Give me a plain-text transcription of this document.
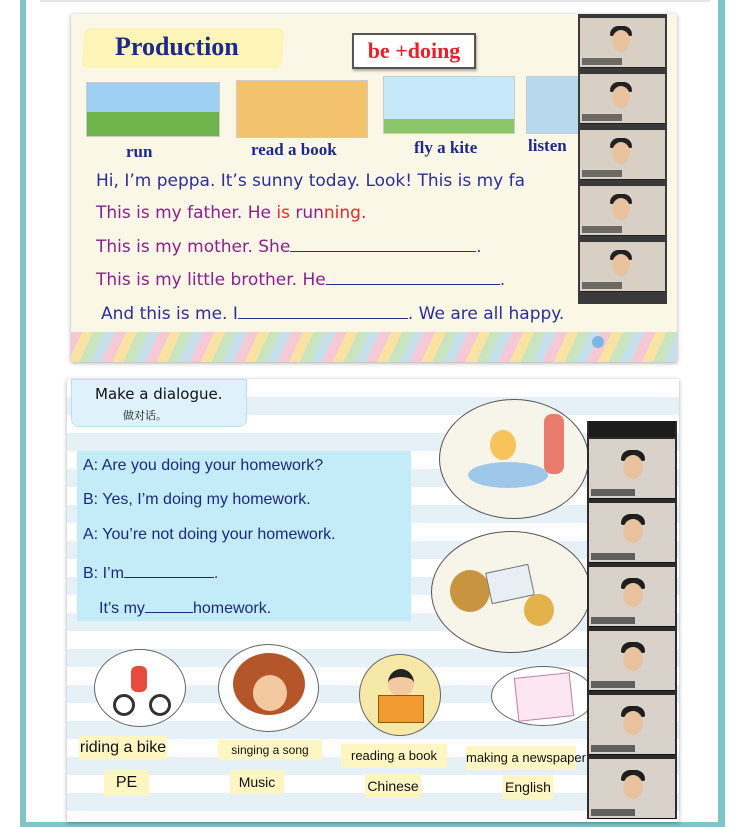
Production	be +doing
run	read a book	fly a kite	listen
Hi, I’m peppa. It’s sunny today. Look! This is my fa
This is my father. He is running.
This is my mother. She	.
This is my little brother. He	.
And this is me. I	. We are all happy.
Make a dialogue.
做对话。
A: Are you doing your homework?
B: Yes, I’m doing my homework.
A: You’re not doing your homework.
B: I’m	.
It’s my	homework.
riding a bike	singing a song	reading a book	making a newspaper
PE	Music	Chinese	English
